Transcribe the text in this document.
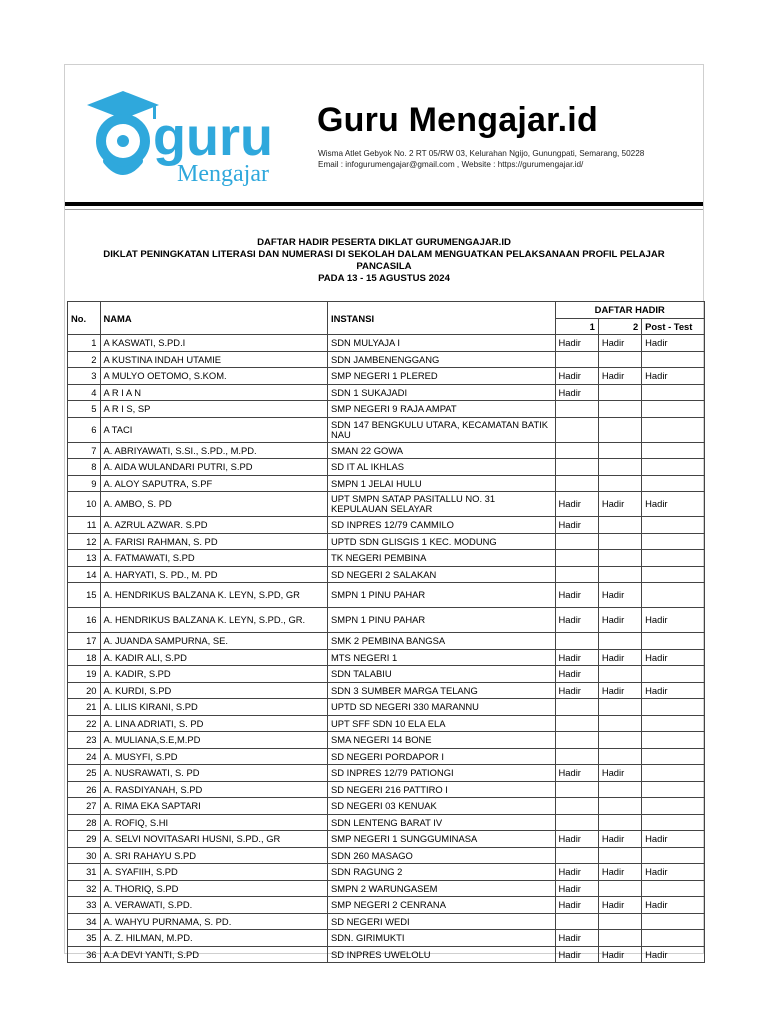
guru
Mengajar
Guru Mengajar.id
Wisma Atlet Gebyok No. 2 RT 05/RW 03, Kelurahan Ngijo, Gunungpati, Semarang, 50228
Email : infogurumengajar@gmail.com , Website : https://gurumengajar.id/
DAFTAR HADIR PESERTA DIKLAT GURUMENGAJAR.ID
DIKLAT PENINGKATAN LITERASI DAN NUMERASI DI SEKOLAH DALAM MENGUATKAN PELAKSANAAN PROFIL PELAJAR
PANCASILA
PADA 13 - 15 AGUSTUS 2024
No.	NAMA	INSTANSI	DAFTAR HADIR		
			1	2	Post - Test
1	A KASWATI, S.PD.I	SDN MULYAJA I	Hadir	Hadir	Hadir
2	A KUSTINA INDAH UTAMIE	SDN JAMBENENGGANG			
3	A MULYO OETOMO, S.KOM.	SMP NEGERI 1 PLERED	Hadir	Hadir	Hadir
4	A R I A N	SDN 1 SUKAJADI	Hadir		
5	A R I S, SP	SMP NEGERI 9 RAJA AMPAT			
6	A TACI	SDN 147 BENGKULU UTARA, KECAMATAN BATIK NAU			
7	A. ABRIYAWATI, S.SI., S.PD., M.PD.	SMAN 22 GOWA			
8	A. AIDA WULANDARI PUTRI, S.PD	SD IT AL IKHLAS			
9	A. ALOY SAPUTRA, S.PF	SMPN 1 JELAI HULU			
10	A. AMBO, S. PD	UPT SMPN SATAP PASITALLU NO. 31 KEPULAUAN SELAYAR	Hadir	Hadir	Hadir
11	A. AZRUL AZWAR. S.PD	SD INPRES 12/79 CAMMILO	Hadir		
12	A. FARISI RAHMAN, S. PD	UPTD SDN GLISGIS 1 KEC. MODUNG			
13	A. FATMAWATI, S.PD	TK NEGERI PEMBINA			
14	A. HARYATI, S. PD., M. PD	SD NEGERI 2 SALAKAN			
15	A. HENDRIKUS BALZANA K. LEYN, S.PD, GR	SMPN 1 PINU PAHAR	Hadir	Hadir	
16	A. HENDRIKUS BALZANA K. LEYN, S.PD., GR.	SMPN 1 PINU PAHAR	Hadir	Hadir	Hadir
17	A. JUANDA SAMPURNA, SE.	SMK 2 PEMBINA BANGSA			
18	A. KADIR ALI, S.PD	MTS NEGERI 1	Hadir	Hadir	Hadir
19	A. KADIR, S.PD	SDN TALABIU	Hadir		
20	A. KURDI, S.PD	SDN 3 SUMBER MARGA TELANG	Hadir	Hadir	Hadir
21	A. LILIS KIRANI, S.PD	UPTD SD NEGERI 330 MARANNU			
22	A. LINA ADRIATI, S. PD	UPT SFF SDN 10 ELA ELA			
23	A. MULIANA,S.E,M.PD	SMA NEGERI 14 BONE			
24	A. MUSYFI, S.PD	SD NEGERI PORDAPOR I			
25	A. NUSRAWATI, S. PD	SD INPRES 12/79 PATIONGI	Hadir	Hadir	
26	A. RASDIYANAH, S.PD	SD NEGERI 216 PATTIRO I			
27	A. RIMA EKA SAPTARI	SD NEGERI 03 KENUAK			
28	A. ROFIQ, S.HI	SDN LENTENG BARAT IV			
29	A. SELVI NOVITASARI HUSNI, S.PD., GR	SMP NEGERI 1 SUNGGUMINASA	Hadir	Hadir	Hadir
30	A. SRI RAHAYU S.PD	SDN 260 MASAGO			
31	A. SYAFIIH, S.PD	SDN RAGUNG 2	Hadir	Hadir	Hadir
32	A. THORIQ, S.PD	SMPN 2 WARUNGASEM	Hadir		
33	A. VERAWATI, S.PD.	SMP NEGERI 2 CENRANA	Hadir	Hadir	Hadir
34	A. WAHYU PURNAMA, S. PD.	SD NEGERI WEDI			
35	A. Z. HILMAN, M.PD.	SDN. GIRIMUKTI	Hadir		
36	A.A DEVI YANTI, S.PD	SD INPRES UWELOLU	Hadir	Hadir	Hadir
